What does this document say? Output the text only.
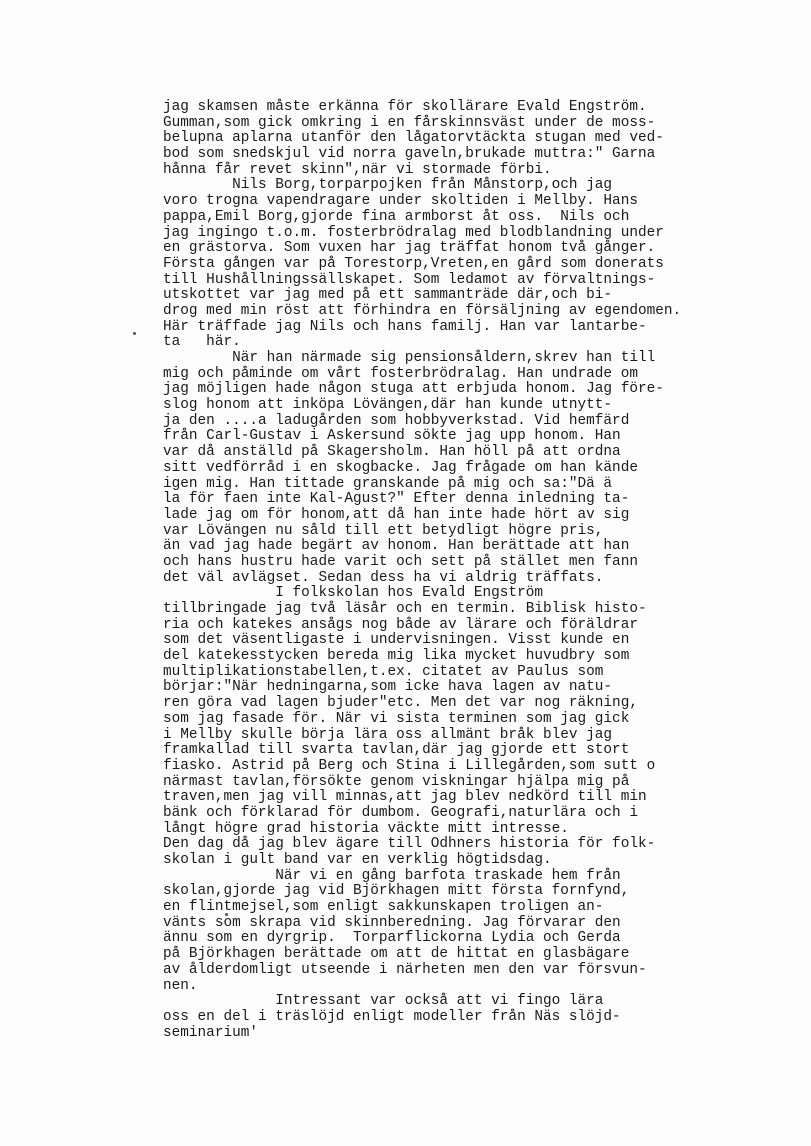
jag skamsen måste erkänna för skollärare Evald Engström.
Gumman,som gick omkring i en fårskinnsväst under de moss-
belupna aplarna utanför den lågatorvtäckta stugan med ved-
bod som snedskjul vid norra gaveln,brukade muttra:" Garna
hånna får revet skinn",när vi stormade förbi.
Nils Borg,torparpojken från Månstorp,och jag
voro trogna vapendragare under skoltiden i Mellby. Hans
pappa,Emil Borg,gjorde fina armborst åt oss.  Nils och
jag ingingo t.o.m. fosterbrödralag med blodblandning under
en grästorva. Som vuxen har jag träffat honom två gånger.
Första gången var på Torestorp,Vreten,en gård som donerats
till Hushållningssällskapet. Som ledamot av förvaltnings-
utskottet var jag med på ett sammanträde där,och bi-
drog med min röst att förhindra en försäljning av egendomen.
Här träffade jag Nils och hans familj. Han var lantarbe-
ta   här.
När han närmade sig pensionsåldern,skrev han till
mig och påminde om vårt fosterbrödralag. Han undrade om
jag möjligen hade någon stuga att erbjuda honom. Jag före-
slog honom att inköpa Lövängen,där han kunde utnytt-
ja den ....a ladugården som hobbyverkstad. Vid hemfärd
från Carl-Gustav i Askersund sökte jag upp honom. Han
var då anställd på Skagersholm. Han höll på att ordna
sitt vedförråd i en skogbacke. Jag frågade om han kände
igen mig. Han tittade granskande på mig och sa:"Dä ä
la för faen inte Kal-Agust?" Efter denna inledning ta-
lade jag om för honom,att då han inte hade hört av sig
var Lövängen nu såld till ett betydligt högre pris,
än vad jag hade begärt av honom. Han berättade att han
och hans hustru hade varit och sett på stället men fann
det väl avlägset. Sedan dess ha vi aldrig träffats.
I folkskolan hos Evald Engström
tillbringade jag två läsår och en termin. Biblisk histo-
ria och katekes ansågs nog både av lärare och föräldrar
som det väsentligaste i undervisningen. Visst kunde en
del katekesstycken bereda mig lika mycket huvudbry som
multiplikationstabellen,t.ex. citatet av Paulus som
börjar:"När hedningarna,som icke hava lagen av natu-
ren göra vad lagen bjuder"etc. Men det var nog räkning,
som jag fasade för. När vi sista terminen som jag gick
i Mellby skulle börja lära oss allmänt bråk blev jag
framkallad till svarta tavlan,där jag gjorde ett stort
fiasko. Astrid på Berg och Stina i Lillegården,som sutt o
närmast tavlan,försökte genom viskningar hjälpa mig på
traven,men jag vill minnas,att jag blev nedkörd till min
bänk och förklarad för dumbom. Geografi,naturlära och i
långt högre grad historia väckte mitt intresse.
Den dag då jag blev ägare till Odhners historia för folk-
skolan i gult band var en verklig högtidsdag.
När vi en gång barfota traskade hem från
skolan,gjorde jag vid Björkhagen mitt första fornfynd,
en flintmejsel,som enligt sakkunskapen troligen an-
vänts som skrapa vid skinnberedning. Jag förvarar den
ännu som en dyrgrip.  Torparflickorna Lydia och Gerda
på Björkhagen berättade om att de hittat en glasbägare
av ålderdomligt utseende i närheten men den var försvun-
nen.
Intressant var också att vi fingo lära
oss en del i träslöjd enligt modeller från Näs slöjd-
seminarium'
